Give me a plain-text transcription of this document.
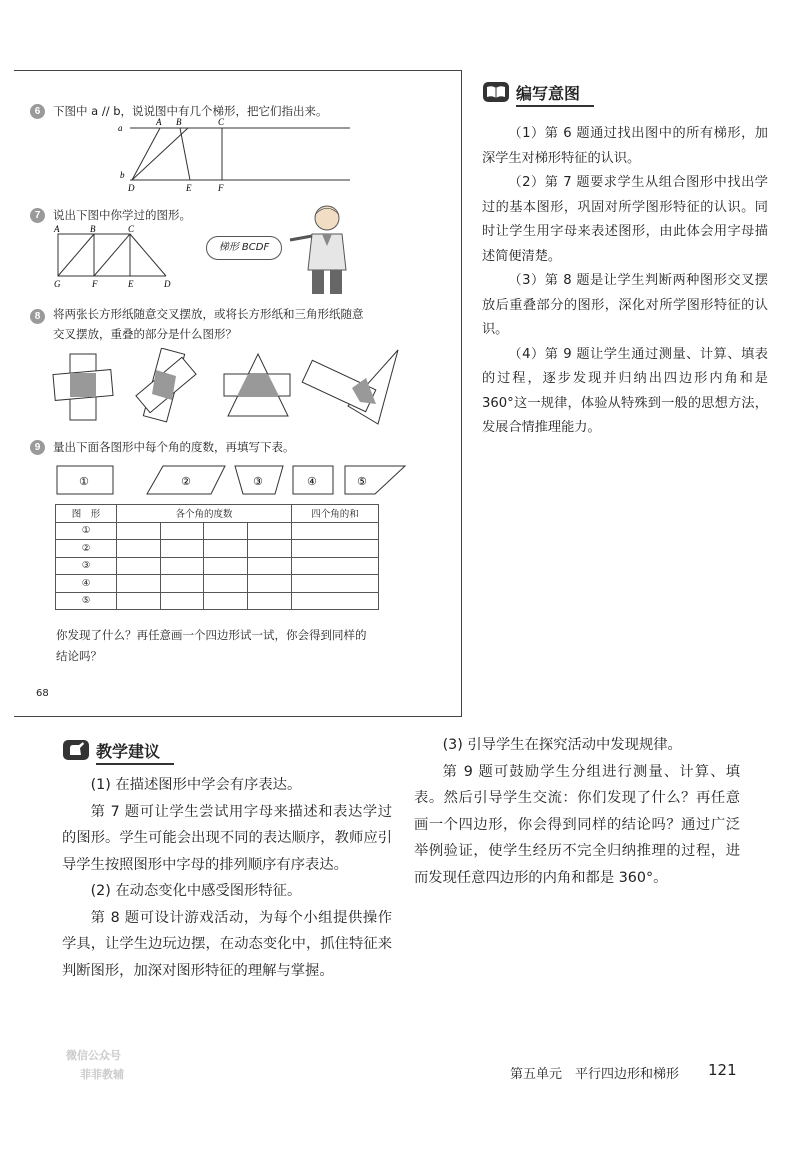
6	下图中 a // b，说说图中有几个梯形，把它们指出来。
a
A B	C
b
D	E	F
7	说出下图中你学过的图形。
A	B	C
G	F	E	D
梯形 BCDF
8	将两张长方形纸随意交叉摆放，或将长方形纸和三角形纸随意
交叉摆放，重叠的部分是什么图形？
9	量出下面各图形中每个角的度数，再填写下表。
①	②	③	④	⑤
图　形	各个角的度数				四个角的和
①					
②					
③					
④					
⑤					
你发现了什么？再任意画一个四边形试一试，你会得到同样的
结论吗？
68
编写意图

（1）第 6 题通过找出图中的所有梯形，加深学生对梯形特征的认识。

（2）第 7 题要求学生从组合图形中找出学过的基本图形，巩固对所学图形特征的认识。同时让学生用字母来表述图形，由此体会用字母描述简便清楚。

（3）第 8 题是让学生判断两种图形交叉摆放后重叠部分的图形，深化对所学图形特征的认识。

（4）第 9 题让学生通过测量、计算、填表的过程，逐步发现并归纳出四边形内角和是 360°这一规律，体验从特殊到一般的思想方法，发展合情推理能力。

教学建议

(1) 在描述图形中学会有序表达。

第 7 题可让学生尝试用字母来描述和表达学过的图形。学生可能会出现不同的表达顺序，教师应引导学生按照图形中字母的排列顺序有序表达。

(2) 在动态变化中感受图形特征。

第 8 题可设计游戏活动，为每个小组提供操作学具，让学生边玩边摆，在动态变化中，抓住特征来判断图形，加深对图形特征的理解与掌握。

(3) 引导学生在探究活动中发现规律。

第 9 题可鼓励学生分组进行测量、计算、填表。然后引导学生交流：你们发现了什么？再任意画一个四边形，你会得到同样的结论吗？通过广泛举例验证，使学生经历不完全归纳推理的过程，进而发现任意四边形的内角和都是 360°。

第五单元　平行四边形和梯形 121
微信公众号
菲菲教辅
